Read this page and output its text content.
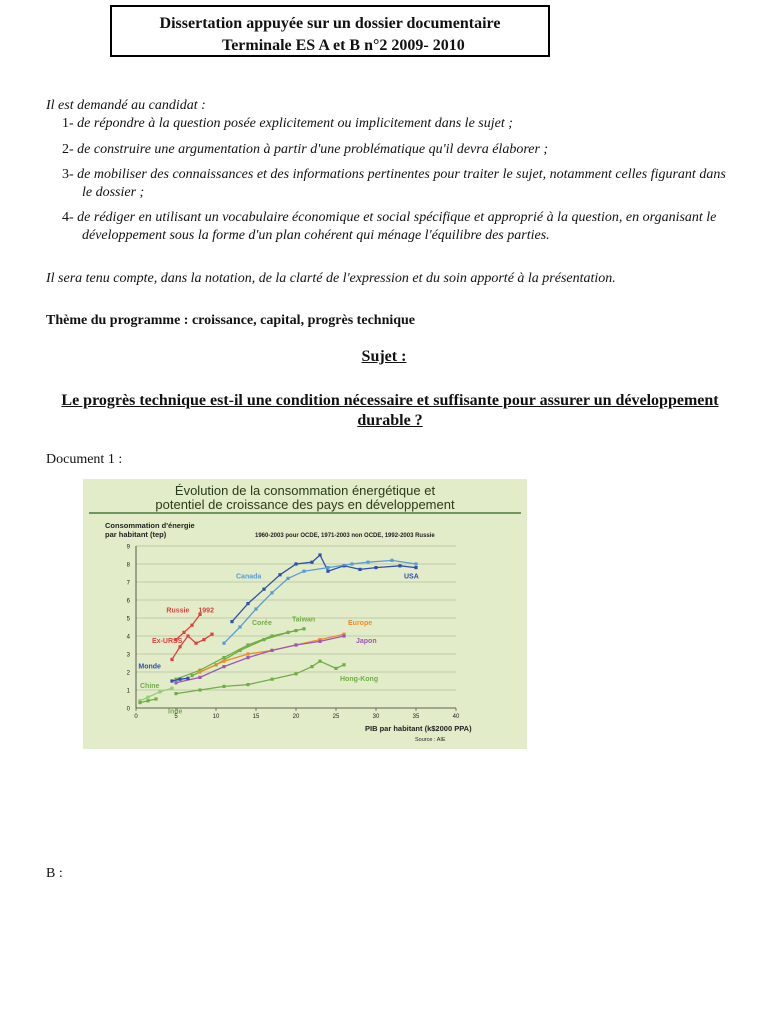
Dissertation appuyée sur un dossier documentaire
Terminale ES A et B n°2 2009- 2010
Il est demandé au candidat :
1- de répondre à la question posée explicitement ou implicitement dans le sujet ;
2- de construire une argumentation à partir d'une problématique qu'il devra élaborer ;
3- de mobiliser des connaissances et des informations pertinentes pour traiter le sujet, notamment celles figurant dans le dossier ;
4- de rédiger en utilisant un vocabulaire économique et social spécifique et approprié à la question, en organisant le développement sous la forme d'un plan cohérent qui ménage l'équilibre des parties.
Il sera tenu compte, dans la notation, de la clarté de l'expression et du soin apporté à la présentation.
Thème du programme : croissance, capital, progrès technique
Sujet :
Le progrès technique est-il une condition nécessaire et suffisante pour assurer un développement durable ?
Document 1 :
Évolution de la consommation énergétique et
potentiel de croissance des pays en développement
Consommation d'énergie
par habitant (tep)	1960-2003 pour OCDE, 1971-2003 non OCDE, 1992-2003 Russie
0
1
2
3
4
5
6
7
8
9
0	5	10	15	20	25	30	35	40
USA
Canada
Russie 1992
Ex-URSS
Corée
Taiwan
Europe
Japon
Monde
Chine
Inde
Hong-Kong
PIB par habitant (k$2000 PPA)
Source : AIE
B :
